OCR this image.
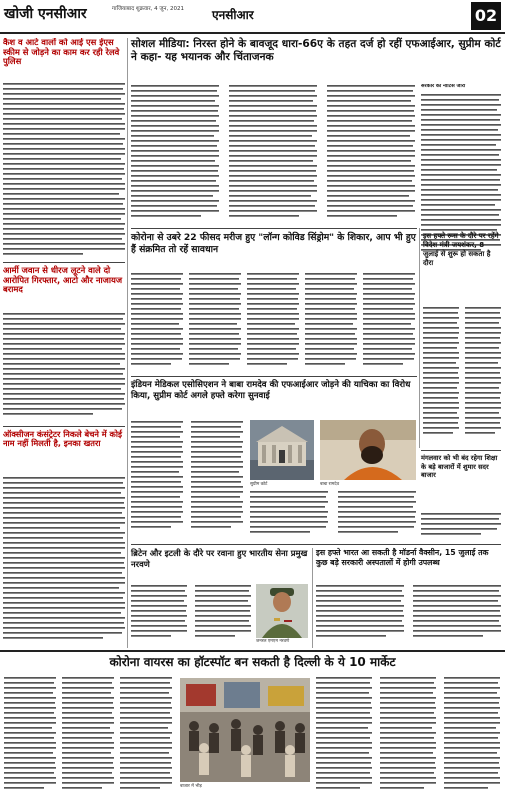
खोजी एनसीआर	गाजियाबाद शुक्रवार, 4 जून, 2021	एनसीआर	02
कैश व आटे वालों को आई एस ईएस स्कीम से जोड़ने का काम कर रही रेलवे पुलिस
आर्मी जवान से धीरज लूटने वाले दो आरोपित गिरफ्तार, आटो और नाजायज बरामद
ऑक्सीजन कंसंट्रेटर निकले बेचने में कोई नाम नहीं मिलती है, इनका खतरा
सोशल मीडिया: निरस्त होने के बावजूद धारा-66ए के तहत दर्ज हो रहीं एफआईआर, सुप्रीम कोर्ट ने कहा- यह भयानक और चिंताजनक
सरकार को नोटिस जारी
कोरोना से उबरे 22 फीसद मरीज हुए "लॉन्ग कोविड सिंड्रोम" के शिकार, आप भी हुए हैं संक्रमित तो रहें सावधान
इस हफ्ते रूस के दौरे पर रहेंगे विदेश मंत्री जयशंकर, 8 जुलाई से शुरू हो सकता है दौरा
इंडियन मेडिकल एसोसिएशन ने बाबा रामदेव की एफआईआर जोड़ने की याचिका का विरोध किया, सुप्रीम कोर्ट अगले हफ्ते करेगा सुनवाई
सुप्रीम कोर्ट	बाबा रामदेव
मंगलवार को भी बंद रहेगा शिक्षा के बड़े बाजारों में शुमार सदर बाजार
ब्रिटेन और इटली के दौरे पर रवाना हुए भारतीय सेना प्रमुख नरवणे
जनरल एमएम नरवणे
इस हफ्ते भारत आ सकती है मॉडर्ना वैक्सीन, 15 जुलाई तक कुछ बड़े सरकारी अस्पतालों में होगी उपलब्ध
कोरोना वायरस का हॉटस्पॉट बन सकती है दिल्ली के ये 10 मार्केट
बाजार में भीड़
